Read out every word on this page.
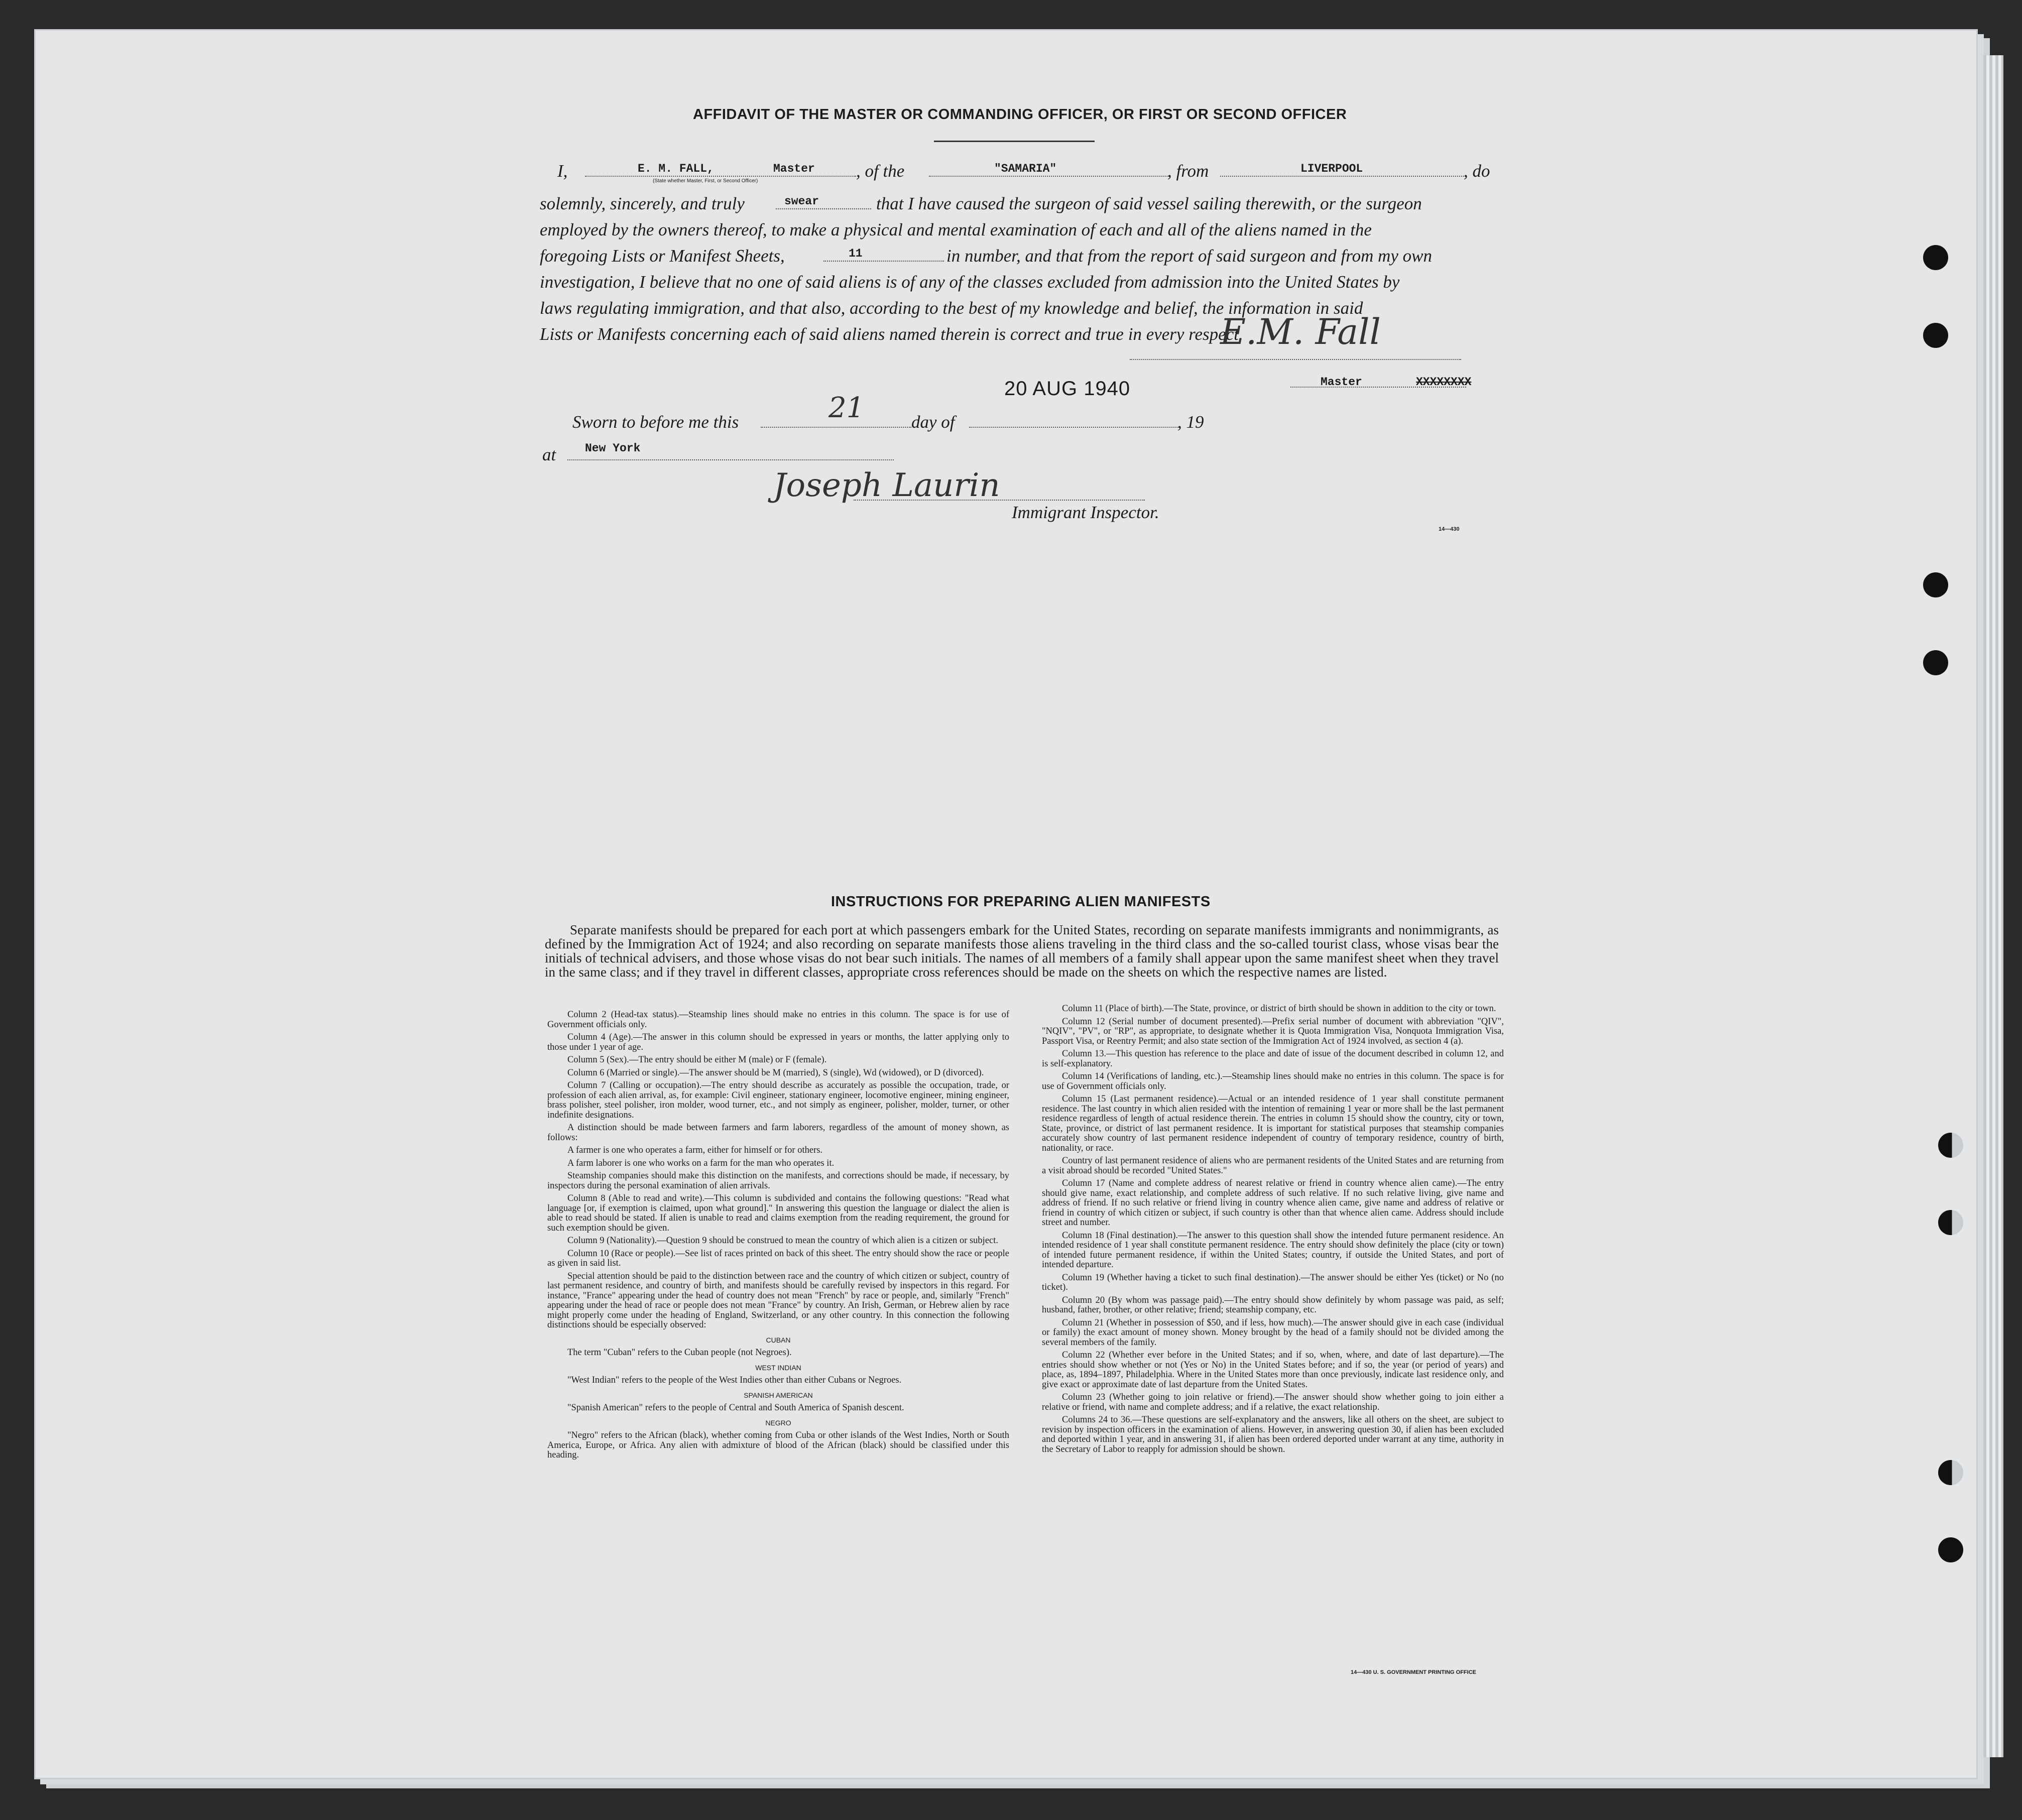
AFFIDAVIT OF THE MASTER OR COMMANDING OFFICER, OR FIRST OR SECOND OFFICER
I,	E. M. FALL,	Master
(State whether Master, First, or Second Officer)
, of the	"SAMARIA"	, from	LIVERPOOL	, do
solemnly, sincerely, and truly	swear	that I have caused the surgeon of said vessel sailing therewith, or the surgeon
employed by the owners thereof, to make a physical and mental examination of each and all of the aliens named in the
foregoing Lists or Manifest Sheets,	11	in number, and that from the report of said surgeon and from my own
investigation, I believe that no one of said aliens is of any of the classes excluded from admission into the United States by
laws regulating immigration, and that also, according to the best of my knowledge and belief, the information in said
Lists or Manifests concerning each of said aliens named therein is correct and true in every respect.
E.M. Fall
20 AUG 1940	Master	XXXXXXXX
Sworn to before me this	21	day of	, 19
at	New York
Joseph Laurin
Immigrant Inspector.
14—430
INSTRUCTIONS FOR PREPARING ALIEN MANIFESTS
Separate manifests should be prepared for each port at which passengers embark for the United States, recording on separate manifests immigrants and nonimmigrants, as defined by the Immigration Act of 1924; and also recording on separate manifests those aliens traveling in the third class and the so-called tourist class, whose visas bear the initials of technical advisers, and those whose visas do not bear such initials. The names of all members of a family shall appear upon the same manifest sheet when they travel in the same class; and if they travel in different classes, appropriate cross references should be made on the sheets on which the respective names are listed.

Column 2 (Head-tax status).—Steamship lines should make no entries in this column. The space is for use of Government officials only.

Column 4 (Age).—The answer in this column should be expressed in years or months, the latter applying only to those under 1 year of age.

Column 5 (Sex).—The entry should be either M (male) or F (female).

Column 6 (Married or single).—The answer should be M (married), S (single), Wd (widowed), or D (divorced).

Column 7 (Calling or occupation).—The entry should describe as accurately as possible the occupation, trade, or profession of each alien arrival, as, for example: Civil engineer, stationary engineer, locomotive engineer, mining engineer, brass polisher, steel polisher, iron molder, wood turner, etc., and not simply as engineer, polisher, molder, turner, or other indefinite designations.

A distinction should be made between farmers and farm laborers, regardless of the amount of money shown, as follows:

A farmer is one who operates a farm, either for himself or for others.

A farm laborer is one who works on a farm for the man who operates it.

Steamship companies should make this distinction on the manifests, and corrections should be made, if necessary, by inspectors during the personal examination of alien arrivals.

Column 8 (Able to read and write).—This column is subdivided and contains the following questions: "Read what language [or, if exemption is claimed, upon what ground]." In answering this question the language or dialect the alien is able to read should be stated. If alien is unable to read and claims exemption from the reading requirement, the ground for such exemption should be given.

Column 9 (Nationality).—Question 9 should be construed to mean the country of which alien is a citizen or subject.

Column 10 (Race or people).—See list of races printed on back of this sheet. The entry should show the race or people as given in said list.

Special attention should be paid to the distinction between race and the country of which citizen or subject, country of last permanent residence, and country of birth, and manifests should be carefully revised by inspectors in this regard. For instance, "France" appearing under the head of country does not mean "French" by race or people, and, similarly "French" appearing under the head of race or people does not mean "France" by country. An Irish, German, or Hebrew alien by race might properly come under the heading of England, Switzerland, or any other country. In this connection the following distinctions should be especially observed:

CUBAN

The term "Cuban" refers to the Cuban people (not Negroes).

WEST INDIAN

"West Indian" refers to the people of the West Indies other than either Cubans or Negroes.

SPANISH AMERICAN

"Spanish American" refers to the people of Central and South America of Spanish descent.

NEGRO

"Negro" refers to the African (black), whether coming from Cuba or other islands of the West Indies, North or South America, Europe, or Africa. Any alien with admixture of blood of the African (black) should be classified under this heading.

Column 11 (Place of birth).—The State, province, or district of birth should be shown in addition to the city or town.

Column 12 (Serial number of document presented).—Prefix serial number of document with abbreviation "QIV", "NQIV", "PV", or "RP", as appropriate, to designate whether it is Quota Immigration Visa, Nonquota Immigration Visa, Passport Visa, or Reentry Permit; and also state section of the Immigration Act of 1924 involved, as section 4 (a).

Column 13.—This question has reference to the place and date of issue of the document described in column 12, and is self-explanatory.

Column 14 (Verifications of landing, etc.).—Steamship lines should make no entries in this column. The space is for use of Government officials only.

Column 15 (Last permanent residence).—Actual or an intended residence of 1 year shall constitute permanent residence. The last country in which alien resided with the intention of remaining 1 year or more shall be the last permanent residence regardless of length of actual residence therein. The entries in column 15 should show the country, city or town, State, province, or district of last permanent residence. It is important for statistical purposes that steamship companies accurately show country of last permanent residence independent of country of temporary residence, country of birth, nationality, or race.

Country of last permanent residence of aliens who are permanent residents of the United States and are returning from a visit abroad should be recorded "United States."

Column 17 (Name and complete address of nearest relative or friend in country whence alien came).—The entry should give name, exact relationship, and complete address of such relative. If no such relative living, give name and address of friend. If no such relative or friend living in country whence alien came, give name and address of relative or friend in country of which citizen or subject, if such country is other than that whence alien came. Address should include street and number.

Column 18 (Final destination).—The answer to this question shall show the intended future permanent residence. An intended residence of 1 year shall constitute permanent residence. The entry should show definitely the place (city or town) of intended future permanent residence, if within the United States; country, if outside the United States, and port of intended departure.

Column 19 (Whether having a ticket to such final destination).—The answer should be either Yes (ticket) or No (no ticket).

Column 20 (By whom was passage paid).—The entry should show definitely by whom passage was paid, as self; husband, father, brother, or other relative; friend; steamship company, etc.

Column 21 (Whether in possession of $50, and if less, how much).—The answer should give in each case (individual or family) the exact amount of money shown. Money brought by the head of a family should not be divided among the several members of the family.

Column 22 (Whether ever before in the United States; and if so, when, where, and date of last departure).—The entries should show whether or not (Yes or No) in the United States before; and if so, the year (or period of years) and place, as, 1894–1897, Philadelphia. Where in the United States more than once previously, indicate last residence only, and give exact or approximate date of last departure from the United States.

Column 23 (Whether going to join relative or friend).—The answer should show whether going to join either a relative or friend, with name and complete address; and if a relative, the exact relationship.

Columns 24 to 36.—These questions are self-explanatory and the answers, like all others on the sheet, are subject to revision by inspection officers in the examination of aliens. However, in answering question 30, if alien has been excluded and deported within 1 year, and in answering 31, if alien has been ordered deported under warrant at any time, authority in the Secretary of Labor to reapply for admission should be shown.

14—430 U. S. GOVERNMENT PRINTING OFFICE
